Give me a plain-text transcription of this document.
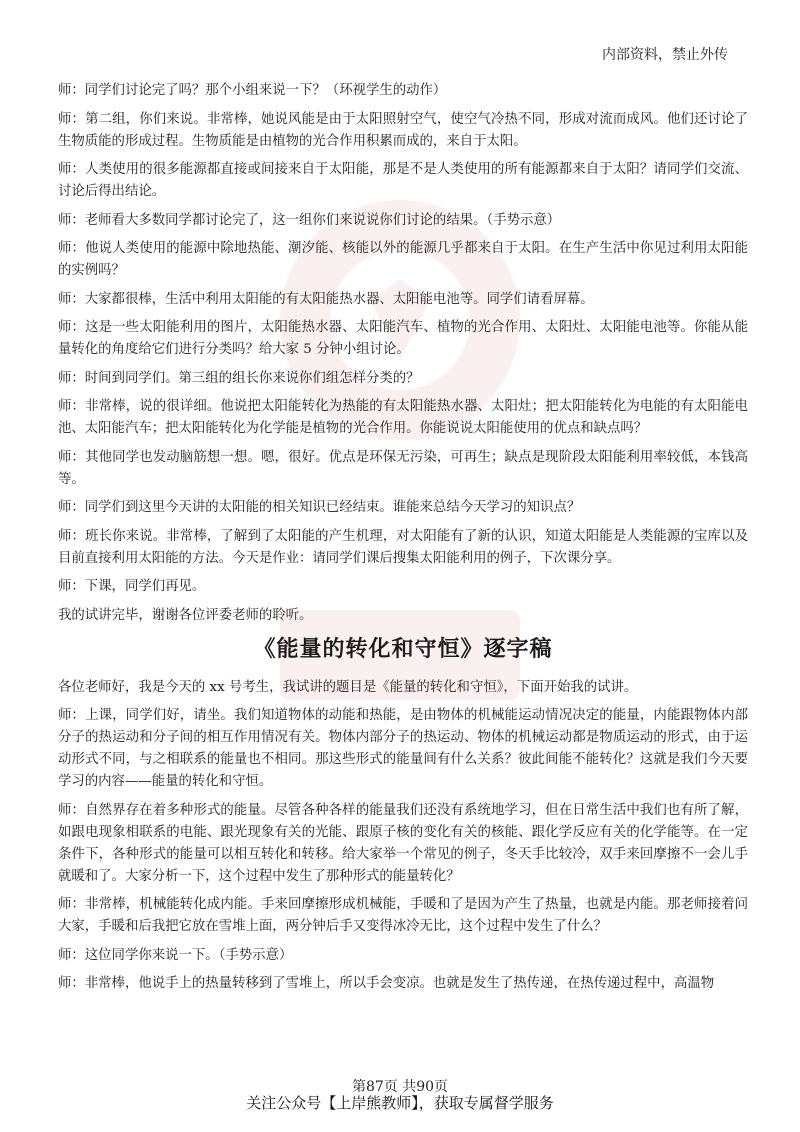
内部资料，禁止外传

师：同学们讨论完了吗？那个小组来说一下？（环视学生的动作）

师：第二组，你们来说。非常棒，她说风能是由于太阳照射空气，使空气冷热不同，形成对流而成风。他们还讨论了生物质能的形成过程。生物质能是由植物的光合作用积累而成的，来自于太阳。

师：人类使用的很多能源都直接或间接来自于太阳能，那是不是人类使用的所有能源都来自于太阳？请同学们交流、讨论后得出结论。

师：老师看大多数同学都讨论完了，这一组你们来说说你们讨论的结果。（手势示意）

师：他说人类使用的能源中除地热能、潮汐能、核能以外的能源几乎都来自于太阳。在生产生活中你见过利用太阳能的实例吗？

师：大家都很棒，生活中利用太阳能的有太阳能热水器、太阳能电池等。同学们请看屏幕。

师：这是一些太阳能利用的图片，太阳能热水器、太阳能汽车、植物的光合作用、太阳灶、太阳能电池等。你能从能量转化的角度给它们进行分类吗？给大家 5 分钟小组讨论。

师：时间到同学们。第三组的组长你来说你们组怎样分类的？

师：非常棒，说的很详细。他说把太阳能转化为热能的有太阳能热水器、太阳灶；把太阳能转化为电能的有太阳能电池、太阳能汽车；把太阳能转化为化学能是植物的光合作用。你能说说太阳能使用的优点和缺点吗？

师：其他同学也发动脑筋想一想。嗯，很好。优点是环保无污染，可再生；缺点是现阶段太阳能利用率较低，本钱高等。

师：同学们到这里今天讲的太阳能的相关知识已经结束。谁能来总结今天学习的知识点？

师：班长你来说。非常棒，了解到了太阳能的产生机理，对太阳能有了新的认识，知道太阳能是人类能源的宝库以及目前直接利用太阳能的方法。今天是作业：请同学们课后搜集太阳能利用的例子，下次课分享。

师：下课，同学们再见。

我的试讲完毕，谢谢各位评委老师的聆听。

《能量的转化和守恒》逐字稿

各位老师好，我是今天的 xx 号考生，我试讲的题目是《能量的转化和守恒》，下面开始我的试讲。

师：上课，同学们好，请坐。我们知道物体的动能和热能，是由物体的机械能运动情况决定的能量，内能跟物体内部分子的热运动和分子间的相互作用情况有关。物体内部分子的热运动、物体的机械运动都是物质运动的形式，由于运动形式不同，与之相联系的能量也不相同。那这些形式的能量间有什么关系？彼此间能不能转化？这就是我们今天要学习的内容——能量的转化和守恒。

师：自然界存在着多种形式的能量。尽管各种各样的能量我们还没有系统地学习，但在日常生活中我们也有所了解，如跟电现象相联系的电能、跟光现象有关的光能、跟原子核的变化有关的核能、跟化学反应有关的化学能等。在一定条件下，各种形式的能量可以相互转化和转移。给大家举一个常见的例子，冬天手比较冷，双手来回摩擦不一会儿手就暖和了。大家分析一下，这个过程中发生了那种形式的能量转化？

师：非常棒，机械能转化成内能。手来回摩擦形成机械能，手暖和了是因为产生了热量，也就是内能。那老师接着问大家，手暖和后我把它放在雪堆上面，两分钟后手又变得冰冷无比，这个过程中发生了什么？

师：这位同学你来说一下。（手势示意）

师：非常棒，他说手上的热量转移到了雪堆上，所以手会变凉。也就是发生了热传递，在热传递过程中，高温物

第87页 共90页
关注公众号【上岸熊教师】，获取专属督学服务
